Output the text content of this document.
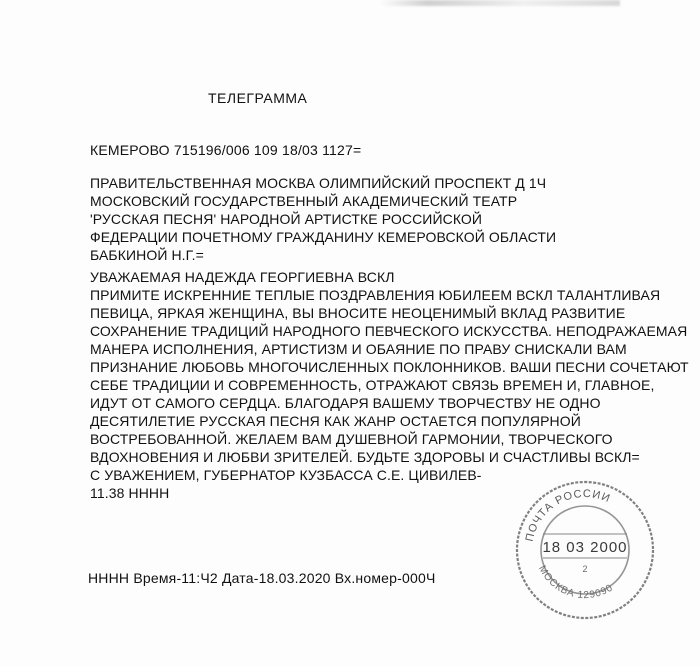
ТЕЛЕГРАММА
КЕМЕРОВО 715196/006 109 18/03 1127=
ПРАВИТЕЛЬСТВЕННАЯ МОСКВА ОЛИМПИЙСКИЙ ПРОСПЕКТ Д 1Ч
МОСКОВСКИЙ ГОСУДАРСТВЕННЫЙ АКАДЕМИЧЕСКИЙ ТЕАТР
'РУССКАЯ ПЕСНЯ' НАРОДНОЙ АРТИСТКЕ РОССИЙСКОЙ
ФЕДЕРАЦИИ ПОЧЕТНОМУ ГРАЖДАНИНУ КЕМЕРОВСКОЙ ОБЛАСТИ
БАБКИНОЙ Н.Г.=
УВАЖАЕМАЯ НАДЕЖДА ГЕОРГИЕВНА ВСКЛ
ПРИМИТЕ ИСКРЕННИЕ ТЕПЛЫЕ ПОЗДРАВЛЕНИЯ ЮБИЛЕЕМ ВСКЛ ТАЛАНТЛИВАЯ
ПЕВИЦА, ЯРКАЯ ЖЕНЩИНА, ВЫ ВНОСИТЕ НЕОЦЕНИМЫЙ ВКЛАД РАЗВИТИЕ
СОХРАНЕНИЕ ТРАДИЦИЙ НАРОДНОГО ПЕВЧЕСКОГО ИСКУССТВА. НЕПОДРАЖАЕМАЯ
МАНЕРА ИСПОЛНЕНИЯ, АРТИСТИЗМ И ОБАЯНИЕ ПО ПРАВУ СНИСКАЛИ ВАМ
ПРИЗНАНИЕ ЛЮБОВЬ МНОГОЧИСЛЕННЫХ ПОКЛОННИКОВ. ВАШИ ПЕСНИ СОЧЕТАЮТ
СЕБЕ ТРАДИЦИИ И СОВРЕМЕННОСТЬ, ОТРАЖАЮТ СВЯЗЬ ВРЕМЕН И, ГЛАВНОЕ,
ИДУТ ОТ САМОГО СЕРДЦА. БЛАГОДАРЯ ВАШЕМУ ТВОРЧЕСТВУ НЕ ОДНО
ДЕСЯТИЛЕТИЕ РУССКАЯ ПЕСНЯ КАК ЖАНР ОСТАЕТСЯ ПОПУЛЯРНОЙ
ВОСТРЕБОВАННОЙ. ЖЕЛАЕМ ВАМ ДУШЕВНОЙ ГАРМОНИИ, ТВОРЧЕСКОГО
ВДОХНОВЕНИЯ И ЛЮБВИ ЗРИТЕЛЕЙ. БУДЬТЕ ЗДОРОВЫ И СЧАСТЛИВЫ ВСКЛ=
С УВАЖЕНИЕМ, ГУБЕРНАТОР КУЗБАССА С.Е. ЦИВИЛЕВ-
11.38 НННН
ПОЧТА РОССИИ
18 03 2000
2
МОСКВА 129090
НННН Время-11:Ч2 Дата-18.03.2020 Вх.номер-000Ч
